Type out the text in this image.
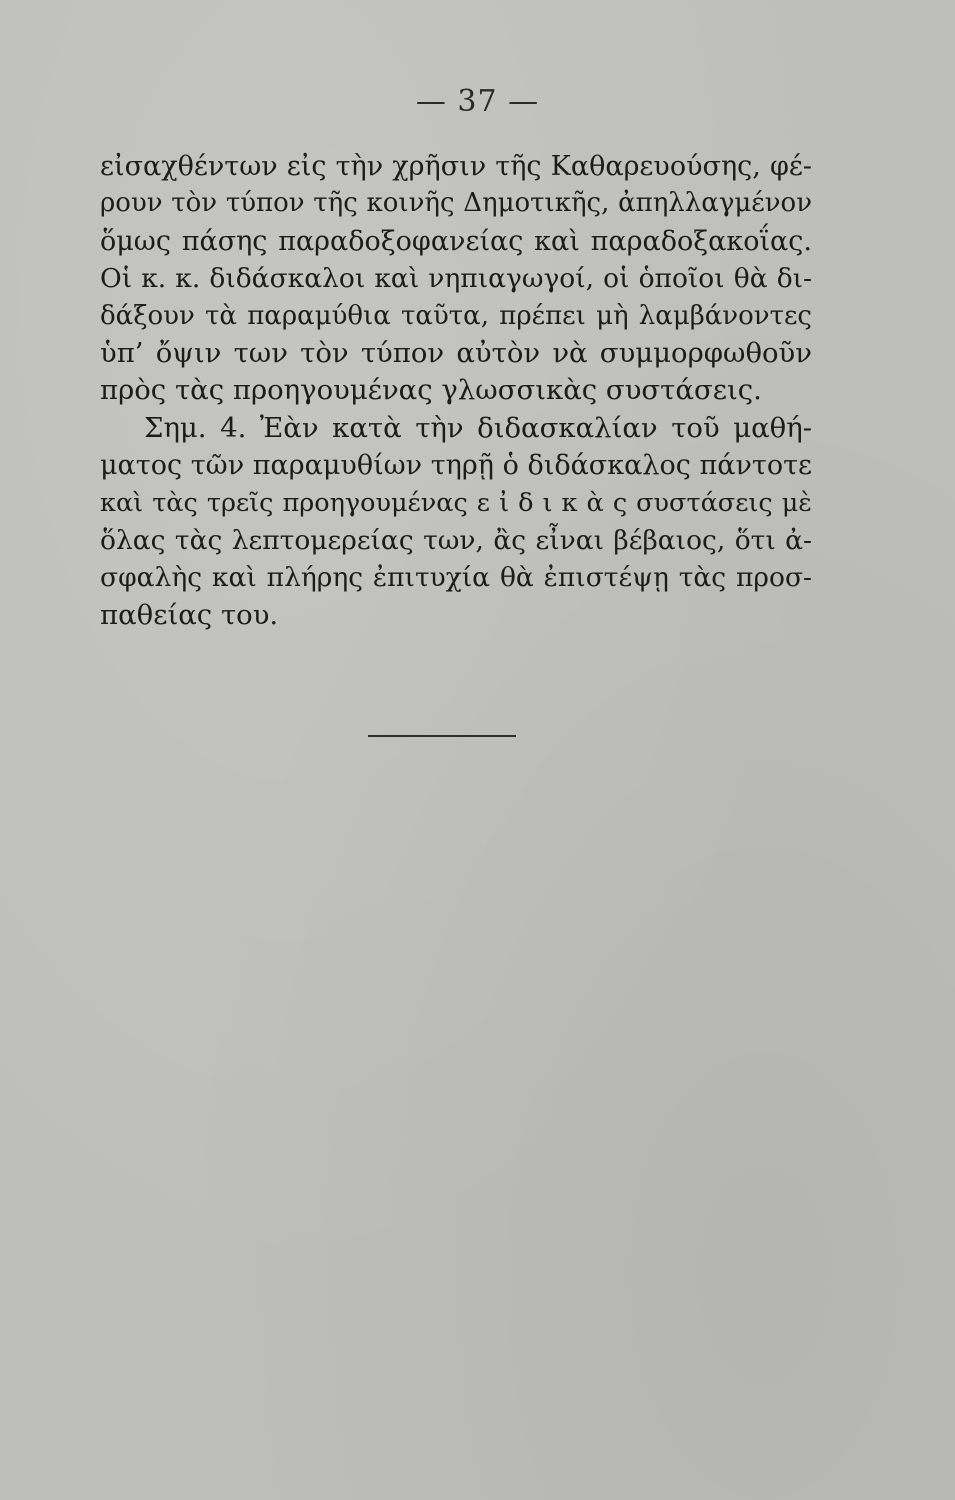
— 37 —
εἰσαχθέντων εἰς τὴν χρῆσιν τῆς Καθαρευούσης, φέ-
ρουν τὸν τύπον τῆς κοινῆς Δημοτικῆς, ἀπηλλαγμένον
ὅμως πάσης παραδοξοφανείας καὶ παραδοξακοΐας.
Οἱ κ. κ. διδάσκαλοι καὶ νηπιαγωγοί, οἱ ὁποῖοι θὰ δι-
δάξουν τὰ παραμύθια ταῦτα, πρέπει μὴ λαμβάνοντες
ὑπ’ ὄψιν των τὸν τύπον αὐτὸν νὰ συμμορφωθοῦν
πρὸς τὰς προηγουμένας γλωσσικὰς συστάσεις.
Σημ. 4. Ἐὰν κατὰ τὴν διδασκαλίαν τοῦ μαθή-
ματος τῶν παραμυθίων τηρῇ ὁ διδάσκαλος πάντοτε
καὶ τὰς τρεῖς προηγουμένας ε ἰ δ ι κ ὰ ς συστάσεις μὲ
ὅλας τὰς λεπτομερείας των, ἂς εἶναι βέβαιος, ὅτι ἀ-
σφαλὴς καὶ πλήρης ἐπιτυχία θὰ ἐπιστέψῃ τὰς προσ-
παθείας του.
